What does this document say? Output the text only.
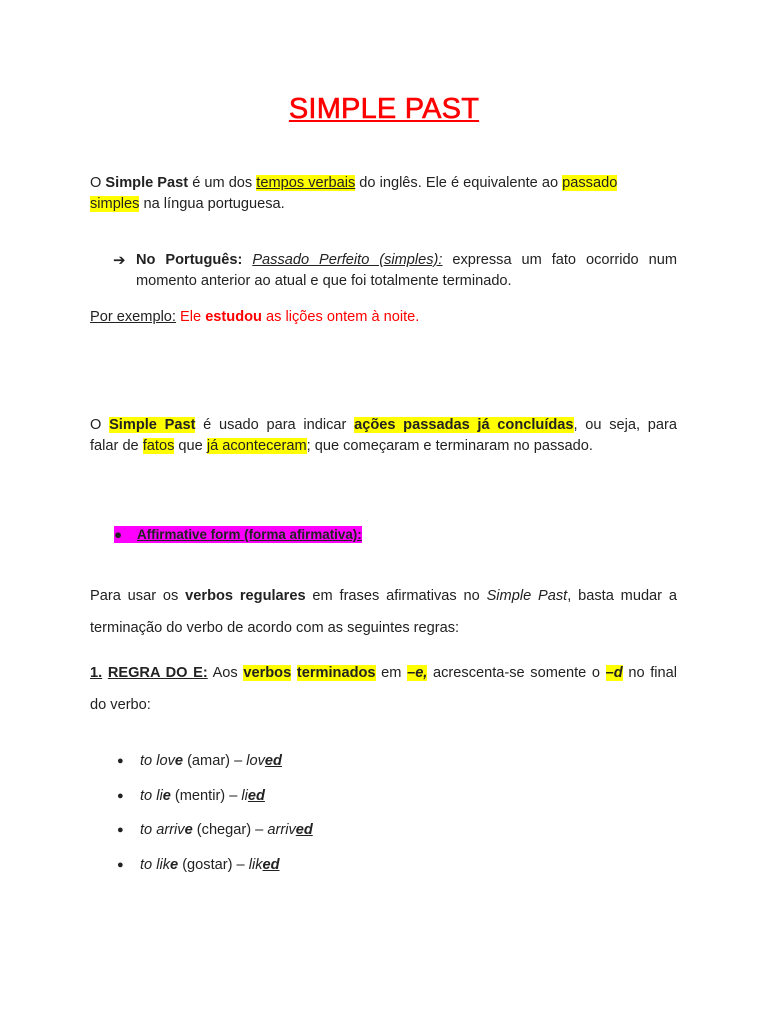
SIMPLE PAST
O Simple Past é um dos tempos verbais do inglês. Ele é equivalente ao passado
simples na língua portuguesa.
➔ No Português: Passado Perfeito (simples): expressa um fato ocorrido num
momento anterior ao atual e que foi totalmente terminado.
Por exemplo: Ele estudou as lições ontem à noite.
O Simple Past é usado para indicar ações passadas já concluídas, ou seja, para
falar de fatos que já aconteceram; que começaram e terminaram no passado.
● Affirmative form (forma afirmativa):
Para usar os verbos regulares em frases afirmativas no Simple Past, basta mudar a
terminação do verbo de acordo com as seguintes regras:
1. REGRA DO E: Aos verbos terminados em –e, acrescenta-se somente o –d no final
do verbo:
● to love (amar) – loved
● to lie (mentir) – lied
● to arrive (chegar) – arrived
● to like (gostar) – liked
